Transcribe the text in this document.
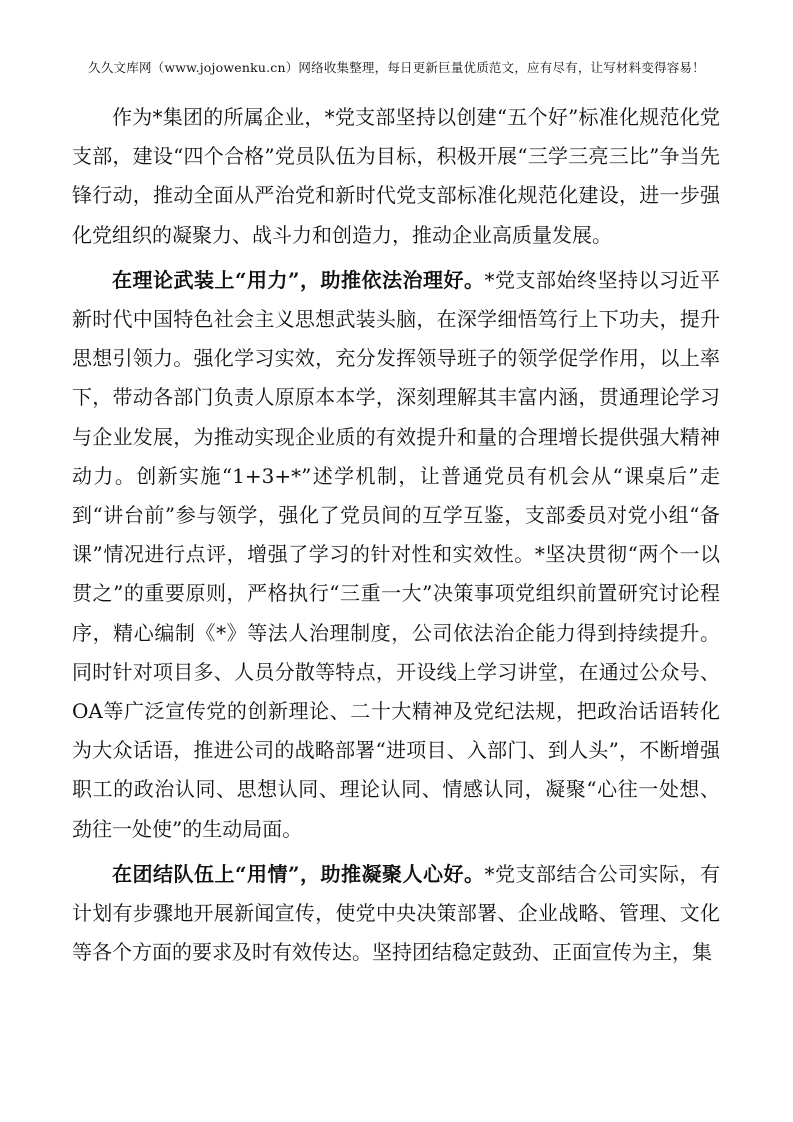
久久文库网（www.jojowenku.cn）网络收集整理，每日更新巨量优质范文，应有尽有，让写材料变得容易！

作为*集团的所属企业，*党支部坚持以创建“五个好”标准化规范化党支部，建设“四个合格”党员队伍为目标，积极开展“三学三亮三比”争当先锋行动，推动全面从严治党和新时代党支部标准化规范化建设，进一步强化党组织的凝聚力、战斗力和创造力，推动企业高质量发展。

在理论武装上“用力”，助推依法治理好。*党支部始终坚持以习近平新时代中国特色社会主义思想武装头脑，在深学细悟笃行上下功夫，提升思想引领力。强化学习实效，充分发挥领导班子的领学促学作用，以上率下，带动各部门负责人原原本本学，深刻理解其丰富内涵，贯通理论学习与企业发展，为推动实现企业质的有效提升和量的合理增长提供强大精神动力。创新实施“1+3+*”述学机制，让普通党员有机会从“课桌后”走到“讲台前”参与领学，强化了党员间的互学互鉴，支部委员对党小组“备课”情况进行点评，增强了学习的针对性和实效性。*坚决贯彻“两个一以贯之”的重要原则，严格执行“三重一大”决策事项党组织前置研究讨论程序，精心编制《*》等法人治理制度，公司依法治企能力得到持续提升。同时针对项目多、人员分散等特点，开设线上学习讲堂，在通过公众号、OA等广泛宣传党的创新理论、二十大精神及党纪法规，把政治话语转化为大众话语，推进公司的战略部署“进项目、入部门、到人头”，不断增强职工的政治认同、思想认同、理论认同、情感认同，凝聚“心往一处想、劲往一处使”的生动局面。

在团结队伍上“用情”，助推凝聚人心好。*党支部结合公司实际，有计划有步骤地开展新闻宣传，使党中央决策部署、企业战略、管理、文化等各个方面的要求及时有效传达。坚持团结稳定鼓劲、正面宣传为主，集
